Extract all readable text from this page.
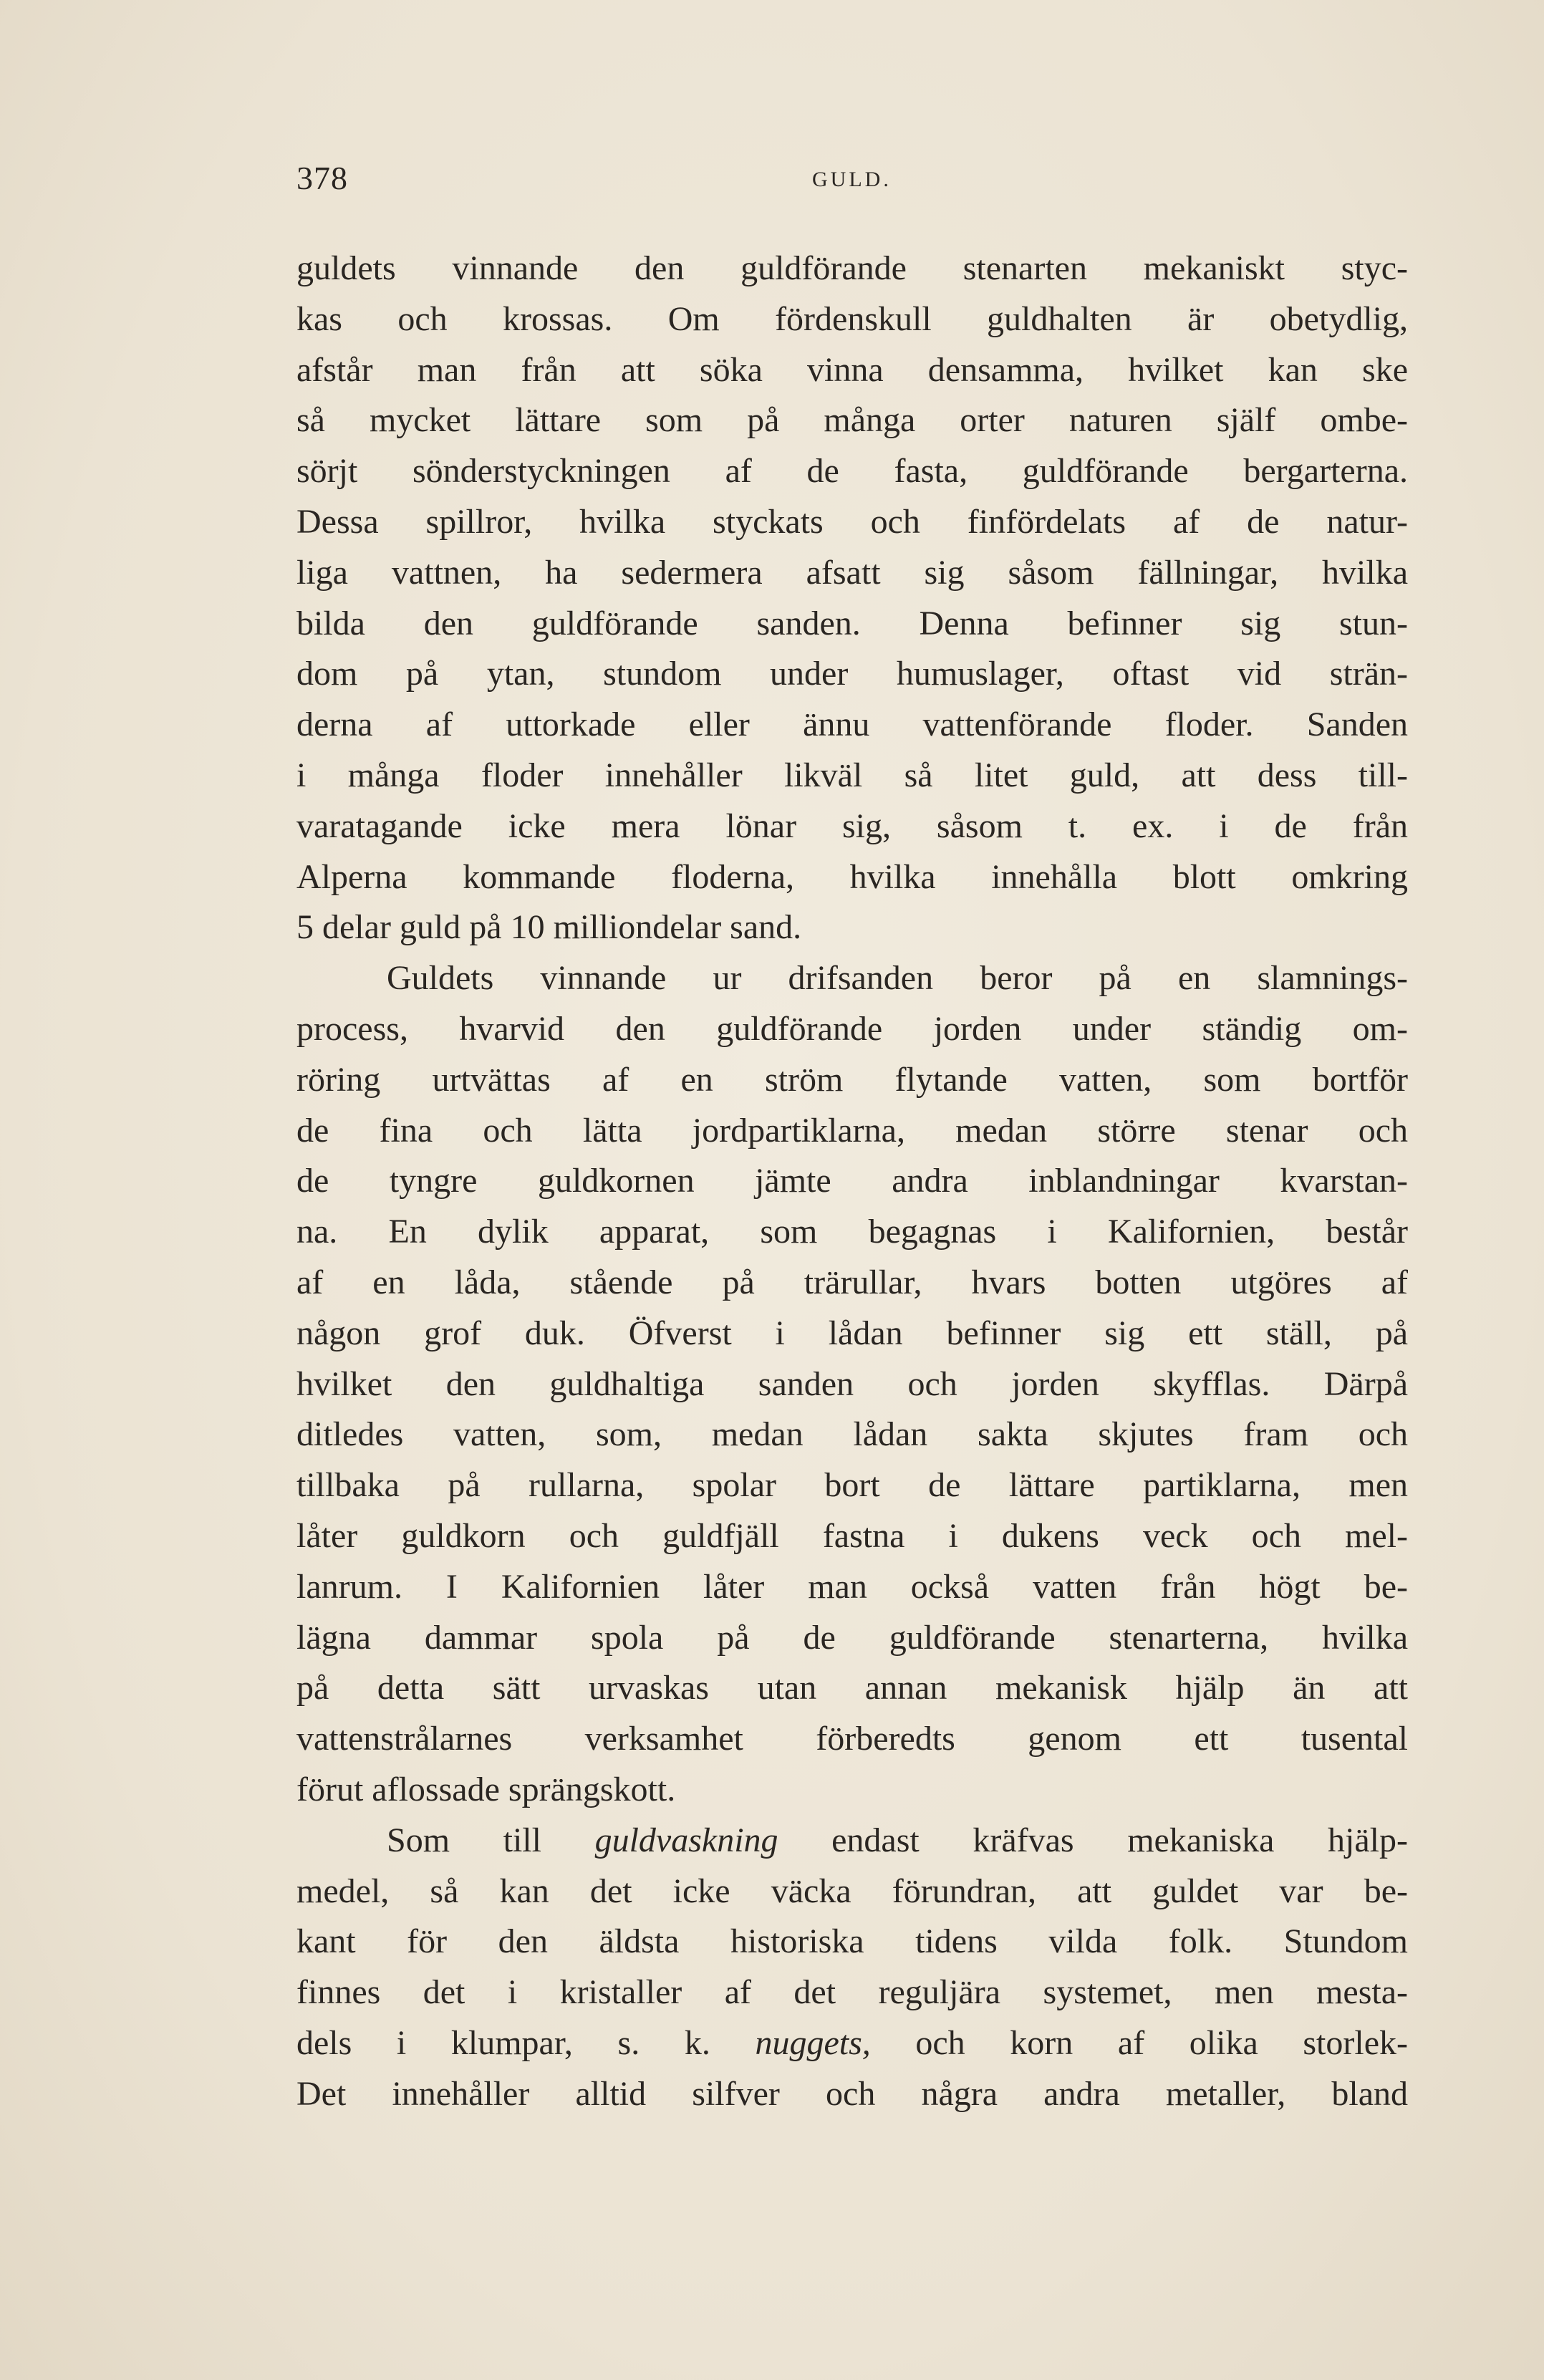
378	GULD.
guldets vinnande den guldförande stenarten mekaniskt styc-
kas och krossas. Om fördenskull guldhalten är obetydlig,
afstår man från att söka vinna densamma, hvilket kan ske
så mycket lättare som på många orter naturen själf ombe-
sörjt sönderstyckningen af de fasta, guldförande bergarterna.
Dessa spillror, hvilka styckats och finfördelats af de natur-
liga vattnen, ha sedermera afsatt sig såsom fällningar, hvilka
bilda den guldförande sanden. Denna befinner sig stun-
dom på ytan, stundom under humuslager, oftast vid strän-
derna af uttorkade eller ännu vattenförande floder. Sanden
i många floder innehåller likväl så litet guld, att dess till-
varatagande icke mera lönar sig, såsom t. ex. i de från
Alperna kommande floderna, hvilka innehålla blott omkring
5 delar guld på 10 milliondelar sand.
Guldets vinnande ur drifsanden beror på en slamnings-
process, hvarvid den guldförande jorden under ständig om-
röring urtvättas af en ström flytande vatten, som bortför
de fina och lätta jordpartiklarna, medan större stenar och
de tyngre guldkornen jämte andra inblandningar kvarstan-
na. En dylik apparat, som begagnas i Kalifornien, består
af en låda, stående på trärullar, hvars botten utgöres af
någon grof duk. Öfverst i lådan befinner sig ett ställ, på
hvilket den guldhaltiga sanden och jorden skyfflas. Därpå
ditledes vatten, som, medan lådan sakta skjutes fram och
tillbaka på rullarna, spolar bort de lättare partiklarna, men
låter guldkorn och guldfjäll fastna i dukens veck och mel-
lanrum. I Kalifornien låter man också vatten från högt be-
lägna dammar spola på de guldförande stenarterna, hvilka
på detta sätt urvaskas utan annan mekanisk hjälp än att
vattenstrålarnes verksamhet förberedts genom ett tusental
förut aflossade sprängskott.
Som till guldvaskning endast kräfvas mekaniska hjälp-
medel, så kan det icke väcka förundran, att guldet var be-
kant för den äldsta historiska tidens vilda folk. Stundom
finnes det i kristaller af det reguljära systemet, men mesta-
dels i klumpar, s. k. nuggets, och korn af olika storlek-
Det innehåller alltid silfver och några andra metaller, bland
